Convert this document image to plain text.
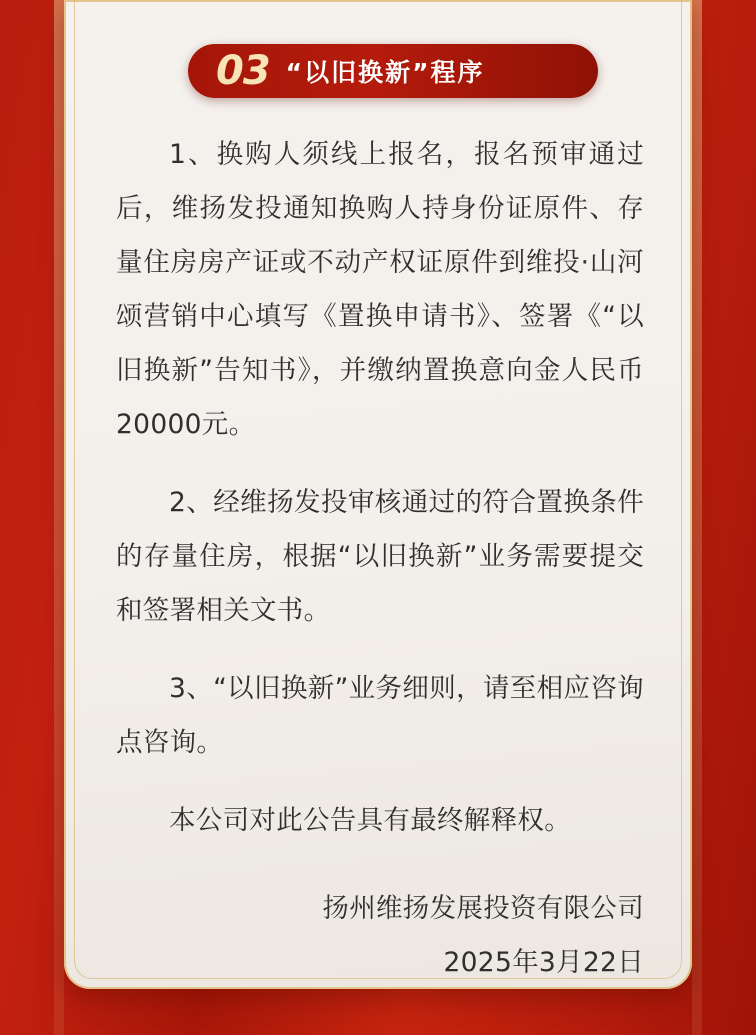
03 “以旧换新”程序

1、换购人须线上报名，报名预审通过后，维扬发投通知换购人持身份证原件、存量住房房产证或不动产权证原件到维投·山河颂营销中心填写《置换申请书》、签署《“以旧换新”告知书》，并缴纳置换意向金人民币20000元。

2、经维扬发投审核通过的符合置换条件的存量住房，根据“以旧换新”业务需要提交和签署相关文书。

3、“以旧换新”业务细则，请至相应咨询点咨询。

本公司对此公告具有最终解释权。

扬州维扬发展投资有限公司
2025年3月22日
